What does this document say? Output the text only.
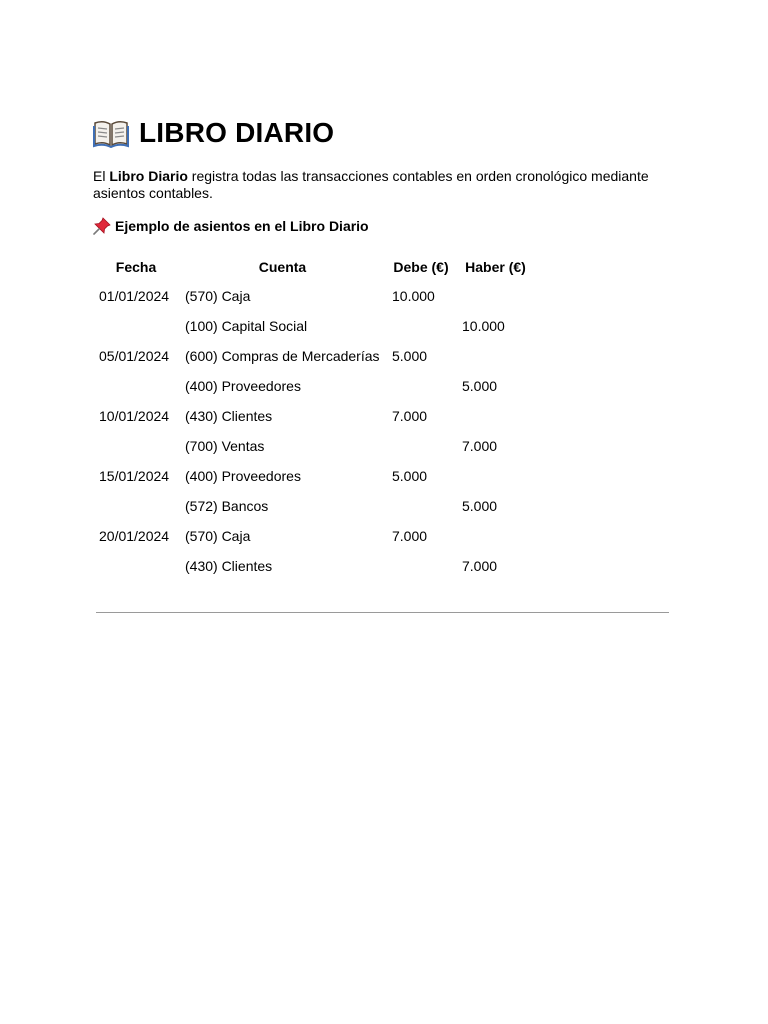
LIBRO DIARIO

El Libro Diario registra todas las transacciones contables en orden cronológico mediante asientos contables.

Ejemplo de asientos en el Libro Diario
Fecha	Cuenta	Debe (€)	Haber (€)
01/01/2024	(570) Caja	10.000	
	(100) Capital Social		10.000
05/01/2024	(600) Compras de Mercaderías	5.000	
	(400) Proveedores		5.000
10/01/2024	(430) Clientes	7.000	
	(700) Ventas		7.000
15/01/2024	(400) Proveedores	5.000	
	(572) Bancos		5.000
20/01/2024	(570) Caja	7.000	
	(430) Clientes		7.000
